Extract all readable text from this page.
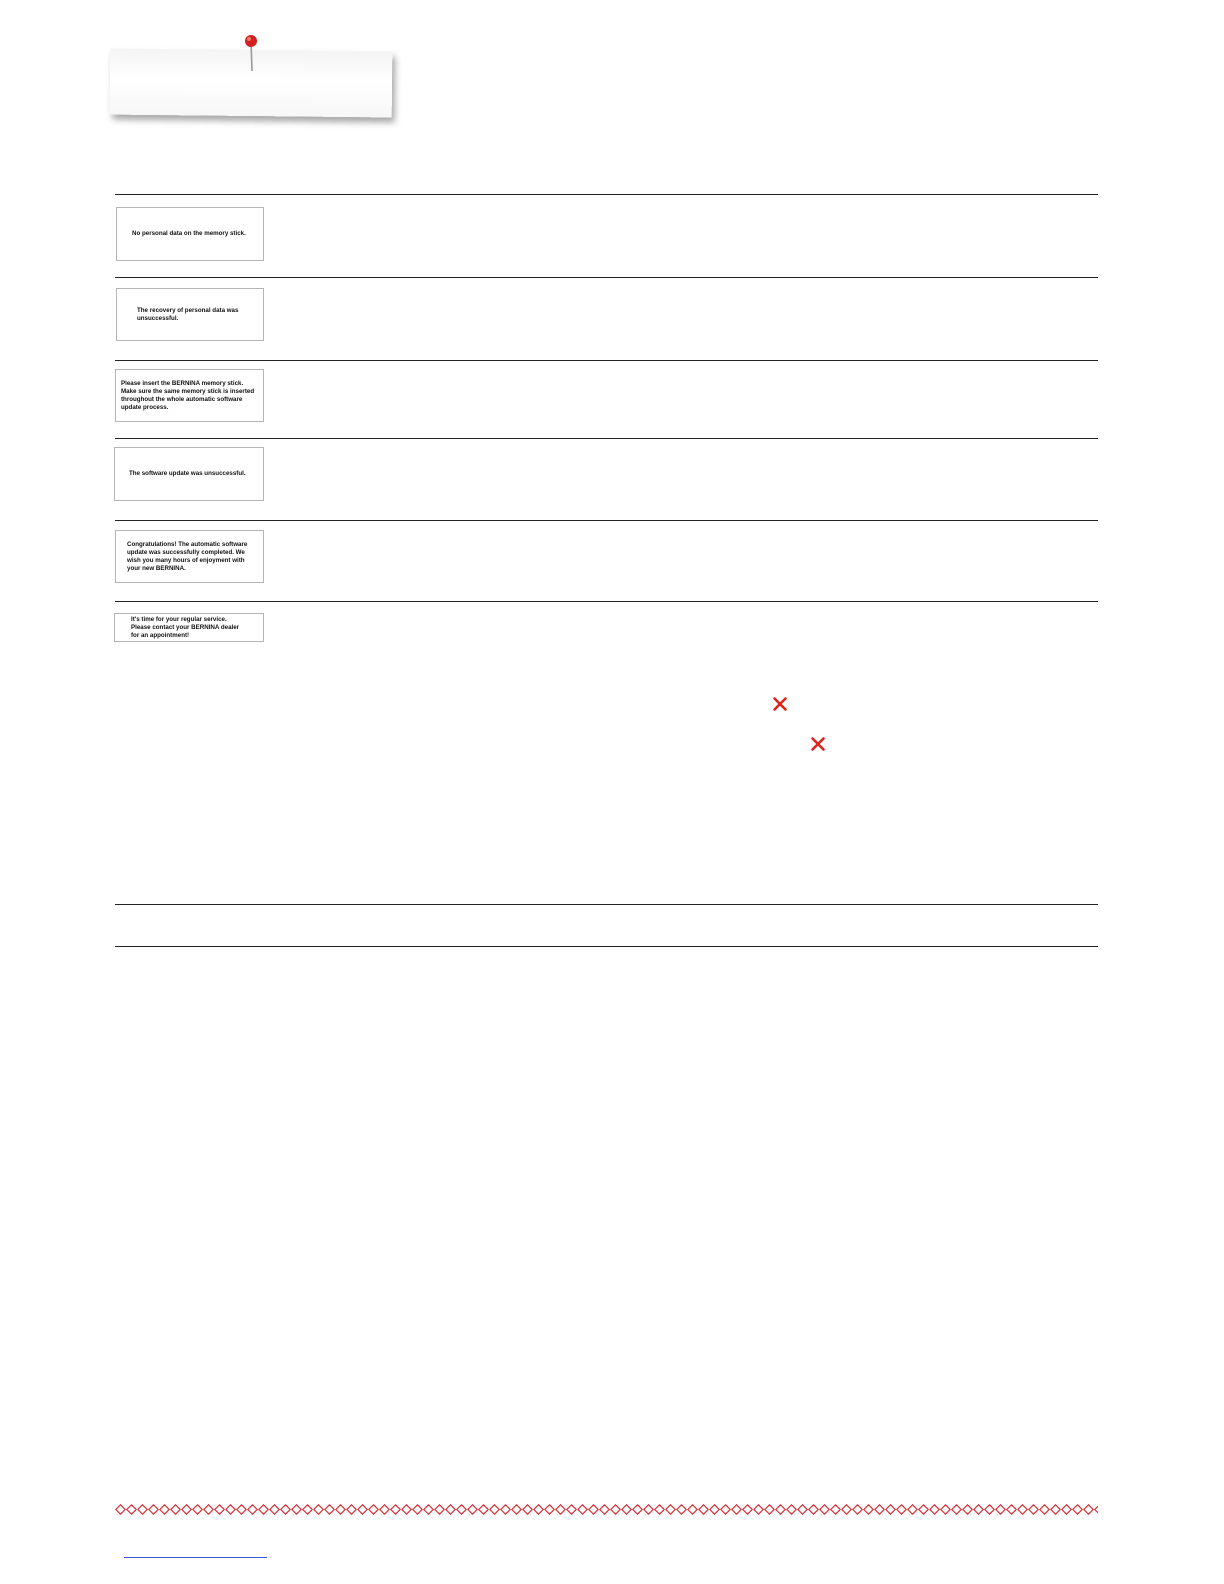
No personal data on the memory stick.
The recovery of personal data was
unsuccessful.
Please insert the BERNINA memory stick.
Make sure the same memory stick is inserted
throughout the whole automatic software
update process.
The software update was unsuccessful.
Congratulations! The automatic software
update was successfully completed. We
wish you many hours of enjoyment with
your new BERNINA.
It's time for your regular service.
Please contact your BERNINA dealer
for an appointment!
